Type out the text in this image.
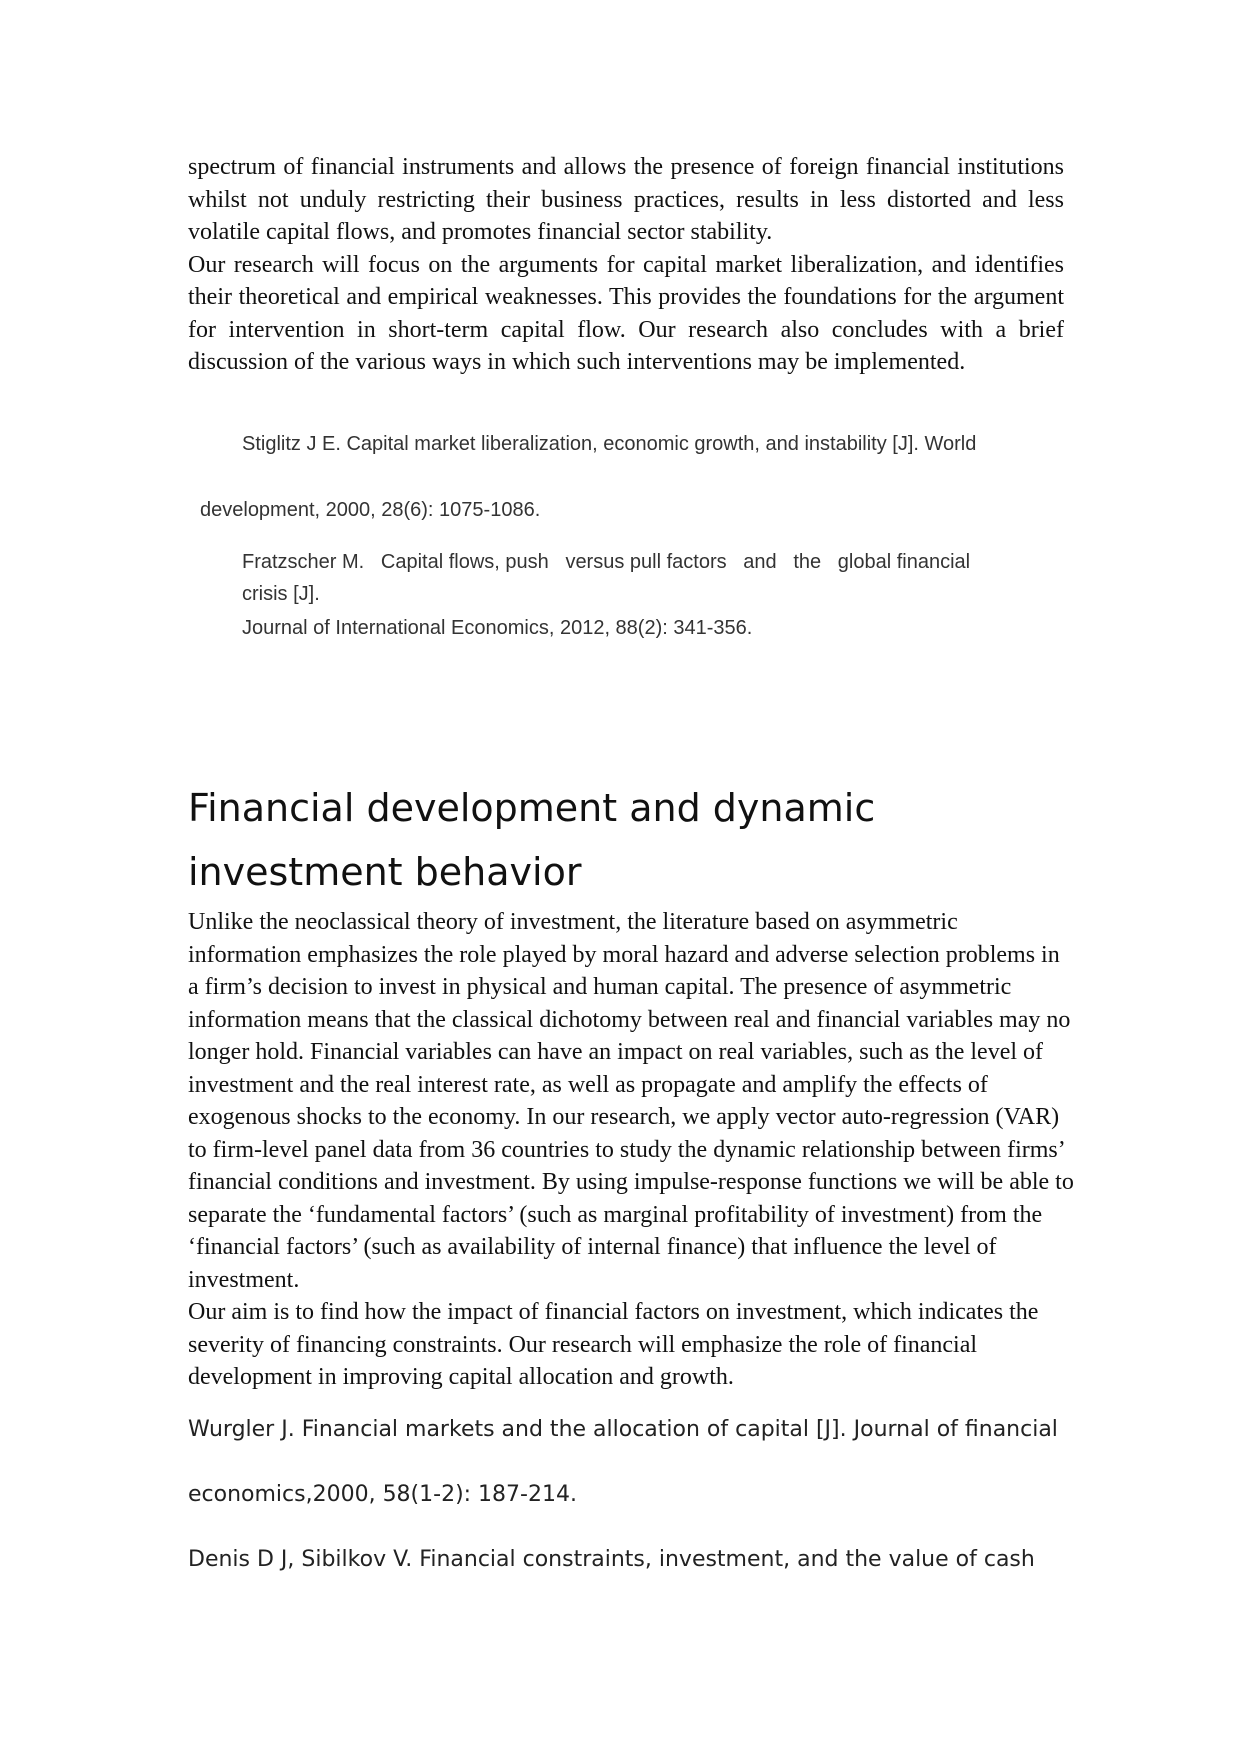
spectrum of financial instruments and allows the presence of foreign financial institutions whilst not unduly restricting their business practices, results in less distorted and less volatile capital flows, and promotes financial sector stability.

Our research will focus on the arguments for capital market liberalization, and identifies their theoretical and empirical weaknesses. This provides the foundations for the argument for intervention in short-term capital flow. Our research also concludes with a brief discussion of the various ways in which such interventions may be implemented.

Stiglitz J E. Capital market liberalization, economic growth, and instability [J]. World

development, 2000, 28(6): 1075-1086.

Fratzscher M.   Capital flows, push   versus pull factors   and   the   global financial

crisis [J].

Journal of International Economics, 2012, 88(2): 341-356.

Financial development and dynamic investment behavior

Unlike the neoclassical theory of investment, the literature based on asymmetric information emphasizes the role played by moral hazard and adverse selection problems in a firm’s decision to invest in physical and human capital. The presence of asymmetric information means that the classical dichotomy between real and financial variables may no longer hold. Financial variables can have an impact on real variables, such as the level of investment and the real interest rate, as well as propagate and amplify the effects of exogenous shocks to the economy. In our research, we apply vector auto-regression (VAR) to firm-level panel data from 36 countries to study the dynamic relationship between firms’ financial conditions and investment. By using impulse-response functions we will be able to separate the ‘fundamental factors’ (such as marginal profitability of investment) from the ‘financial factors’ (such as availability of internal finance) that influence the level of investment.

Our aim is to find how the impact of financial factors on investment, which indicates the severity of financing constraints. Our research will emphasize the role of financial development in improving capital allocation and growth.

Wurgler J. Financial markets and the allocation of capital [J]. Journal of financial

economics,2000, 58(1-2): 187-214.

Denis D J, Sibilkov V. Financial constraints, investment, and the value of cash
